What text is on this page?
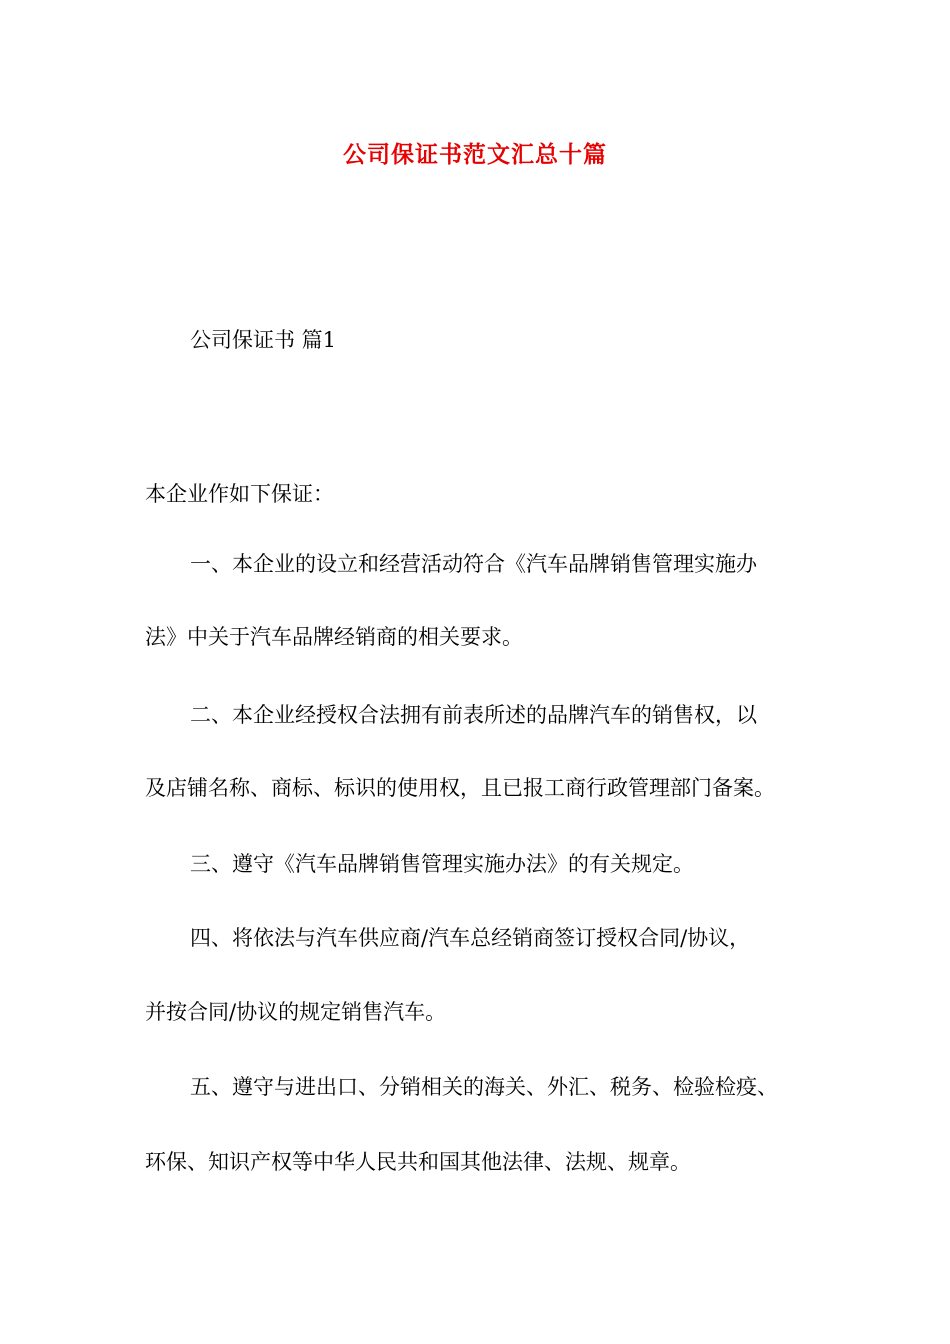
公司保证书范文汇总十篇
公司保证书 篇1
本企业作如下保证：
一、本企业的设立和经营活动符合《汽车品牌销售管理实施办
法》中关于汽车品牌经销商的相关要求。
二、本企业经授权合法拥有前表所述的品牌汽车的销售权，以
及店铺名称、商标、标识的使用权，且已报工商行政管理部门备案。
三、遵守《汽车品牌销售管理实施办法》的有关规定。
四、将依法与汽车供应商/汽车总经销商签订授权合同/协议，
并按合同/协议的规定销售汽车。
五、遵守与进出口、分销相关的海关、外汇、税务、检验检疫、
环保、知识产权等中华人民共和国其他法律、法规、规章。
